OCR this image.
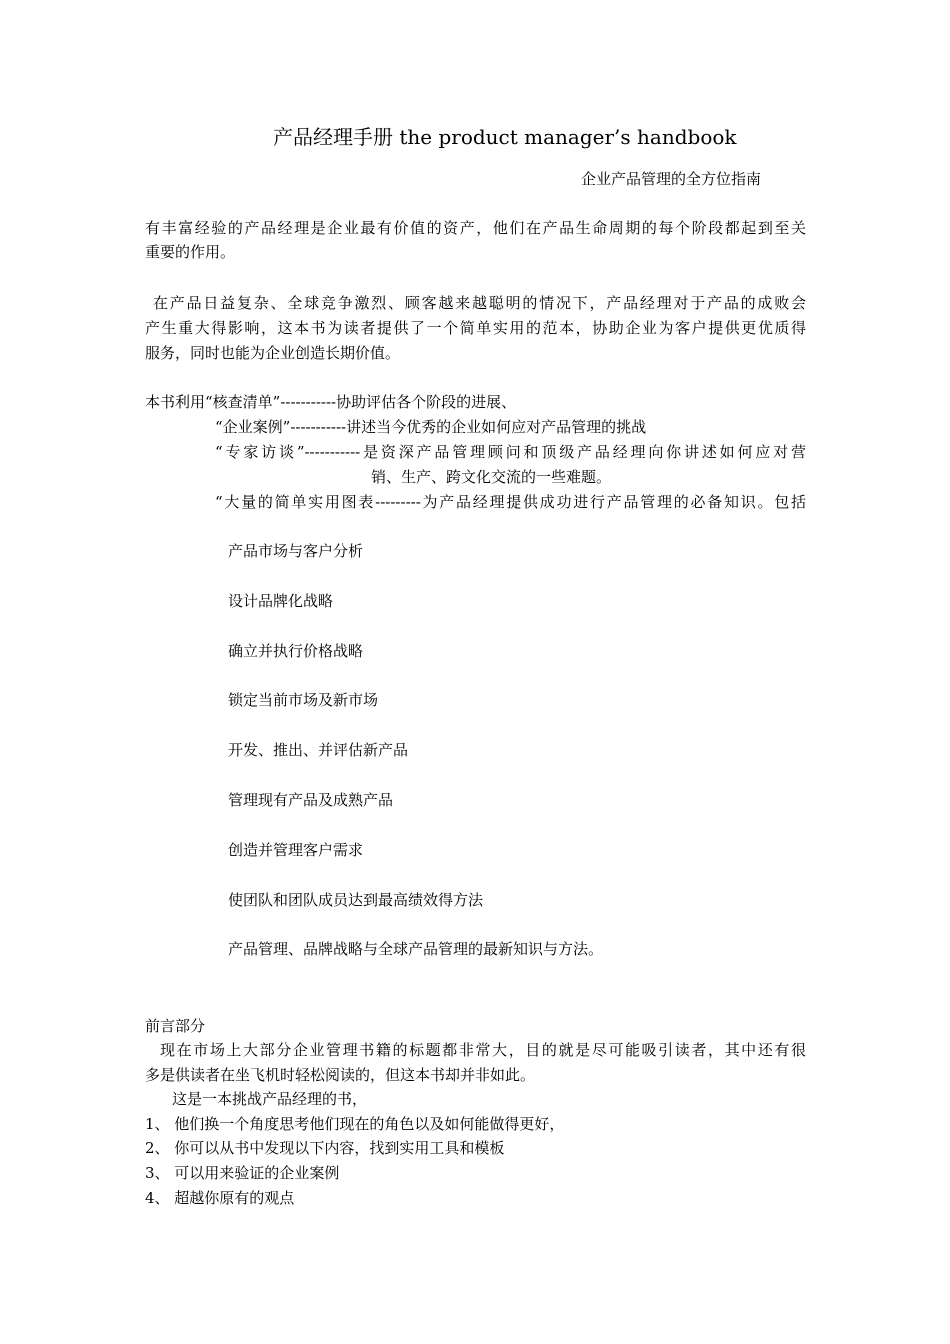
产品经理手册 the product manager’s handbook
企业产品管理的全方位指南
有丰富经验的产品经理是企业最有价值的资产，他们在产品生命周期的每个阶段都起到至关
重要的作用。
在产品日益复杂、全球竞争激烈、顾客越来越聪明的情况下，产品经理对于产品的成败会
产生重大得影响，这本书为读者提供了一个简单实用的范本，协助企业为客户提供更优质得
服务，同时也能为企业创造长期价值。
本书利用“核查清单”-----------协助评估各个阶段的进展、
“企业案例”-----------讲述当今优秀的企业如何应对产品管理的挑战
“专家访谈”-----------是资深产品管理顾问和顶级产品经理向你讲述如何应对营
销、生产、跨文化交流的一些难题。
“大量的简单实用图表---------为产品经理提供成功进行产品管理的必备知识。包括
产品市场与客户分析
设计品牌化战略
确立并执行价格战略
锁定当前市场及新市场
开发、推出、并评估新产品
管理现有产品及成熟产品
创造并管理客户需求
使团队和团队成员达到最高绩效得方法
产品管理、品牌战略与全球产品管理的最新知识与方法。
前言部分
现在市场上大部分企业管理书籍的标题都非常大，目的就是尽可能吸引读者，其中还有很
多是供读者在坐飞机时轻松阅读的，但这本书却并非如此。
这是一本挑战产品经理的书，
1、 他们换一个角度思考他们现在的角色以及如何能做得更好，
2、 你可以从书中发现以下内容，找到实用工具和模板
3、 可以用来验证的企业案例
4、 超越你原有的观点
